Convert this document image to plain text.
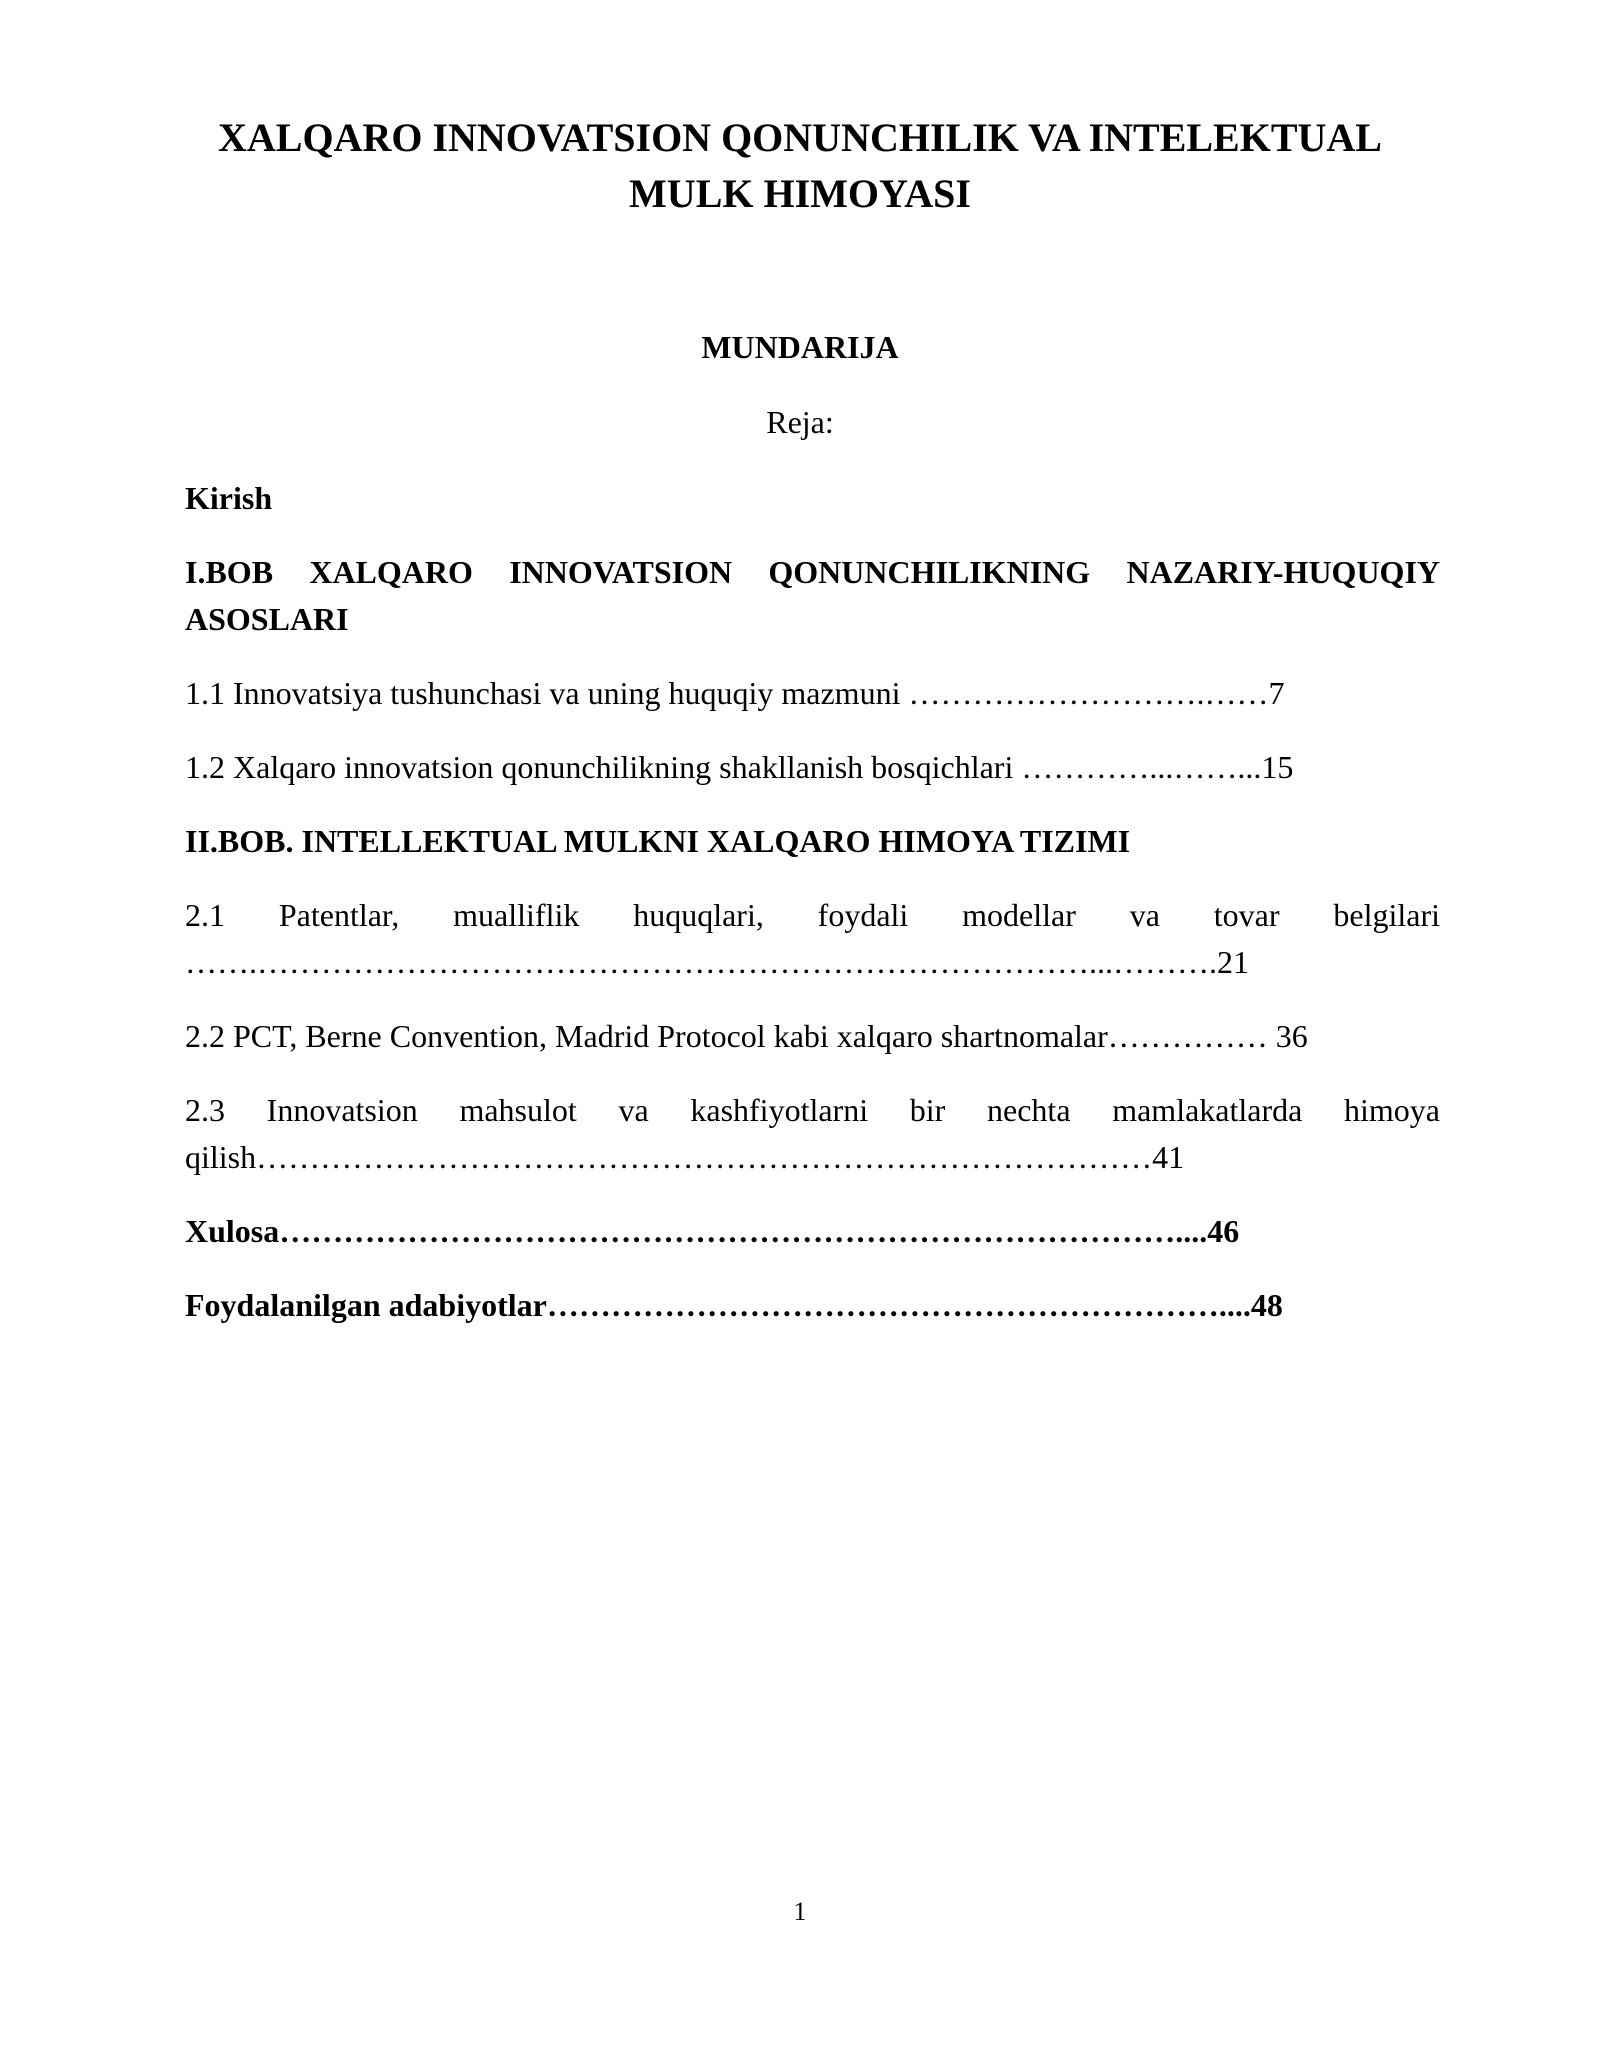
XALQARO INNOVATSION QONUNCHILIK VA INTELEKTUAL MULK HIMOYASI
MUNDARIJA
Reja:

Kirish

I.BOB XALQARO INNOVATSION QONUNCHILIKNING NAZARIY-HUQUQIY ASOSLARI

1.1 Innovatsiya tushunchasi va uning huquqiy mazmuni ……………………….……7

1.2 Xalqaro innovatsion qonunchilikning shakllanish bosqichlari …………...……...15

II.BOB. INTELLEKTUAL MULKNI XALQARO HIMOYA TIZIMI

2.1 Patentlar, mualliflik huquqlari, foydali modellar va tovar belgilari …….……………………………………………………………………...……….21

2.2 PCT, Berne Convention, Madrid Protocol kabi xalqaro shartnomalar…………… 36

2.3 Innovatsion mahsulot va kashfiyotlarni bir nechta mamlakatlarda himoya qilish…………………………………………………………………………41

Xulosa…………………………………………………………………………....46

Foydalanilgan adabiyotlar………………………………………………………....48

1
